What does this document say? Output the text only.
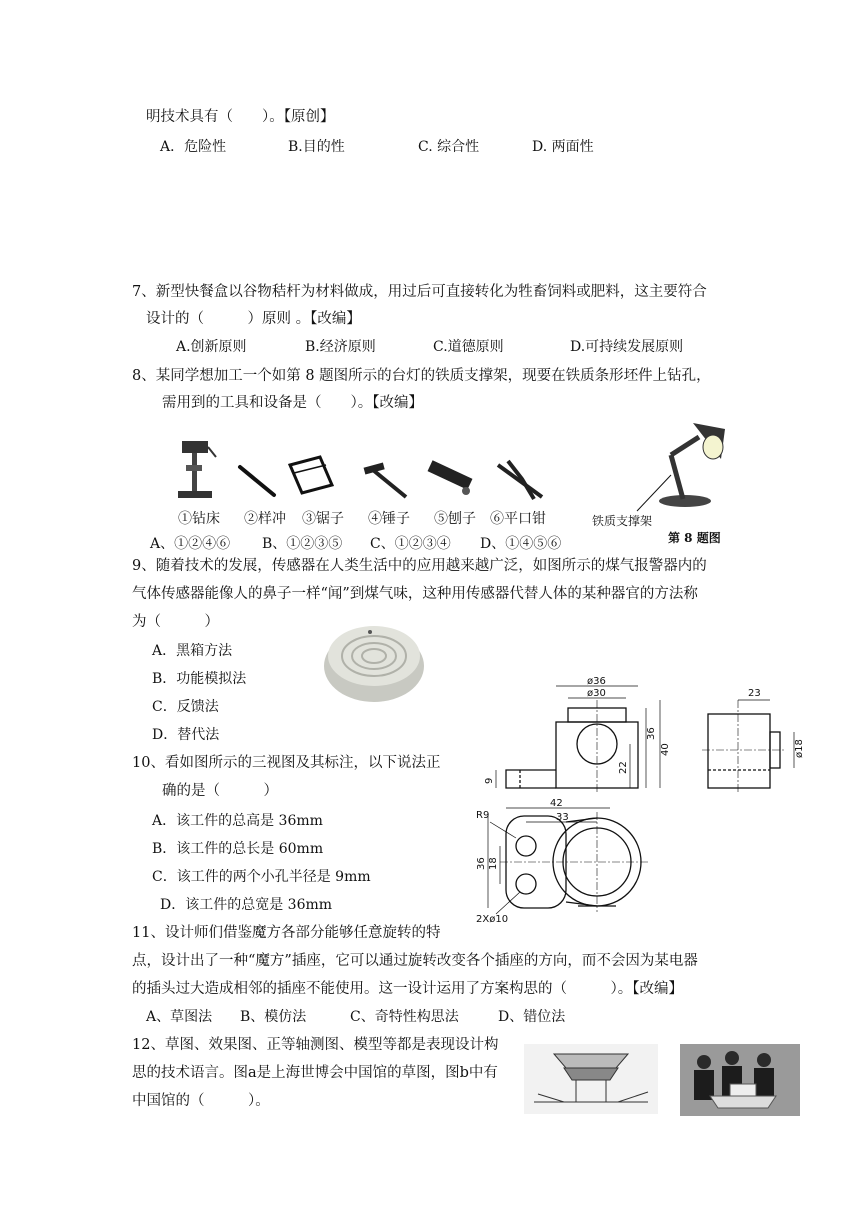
明技术具有（　　）。【原创】
A．危险性	B.目的性	C. 综合性	D. 两面性
7、新型快餐盒以谷物秸杆为材料做成，用过后可直接转化为牲畜饲料或肥料，这主要符合
设计的（　　　）原则 。【改编】
A.创新原则	B.经济原则	C.道德原则	D.可持续发展原则
8、某同学想加工一个如第 8 题图所示的台灯的铁质支撑架，现要在铁质条形坯件上钻孔，
需用到的工具和设备是（　　）。【改编】
①钻床 ②样冲 ③锯子 ④锤子 ⑤刨子 ⑥平口钳	铁质支撑架
第 8 题图
A、①②④⑥ B、①②③⑤ C、①②③④ D、①④⑤⑥
9、随着技术的发展，传感器在人类生活中的应用越来越广泛，如图所示的煤气报警器内的
气体传感器能像人的鼻子一样“闻”到煤气味，这种用传感器代替人体的某种器官的方法称
为（　　　）
A．黑箱方法
B．功能模拟法
C．反馈法
D．替代法
10、看如图所示的三视图及其标注，以下说法正
确的是（　　　）
A．该工件的总高是 36mm
B．该工件的总长是 60mm
C．该工件的两个小孔半径是 9mm
D．该工件的总宽是 36mm
ø36
ø30
36
40
22
9
23
ø18
42
33
R9
36 18
2Xø10
11、设计师们借鉴魔方各部分能够任意旋转的特
点，设计出了一种“魔方”插座，它可以通过旋转改变各个插座的方向，而不会因为某电器
的插头过大造成相邻的插座不能使用。这一设计运用了方案构思的（　　　）。【改编】
A、草图法 B、模仿法	C、奇特性构思法	D、错位法
12、草图、效果图、正等轴测图、模型等都是表现设计构
思的技术语言。图a是上海世博会中国馆的草图，图b中有
中国馆的（　　　）。
